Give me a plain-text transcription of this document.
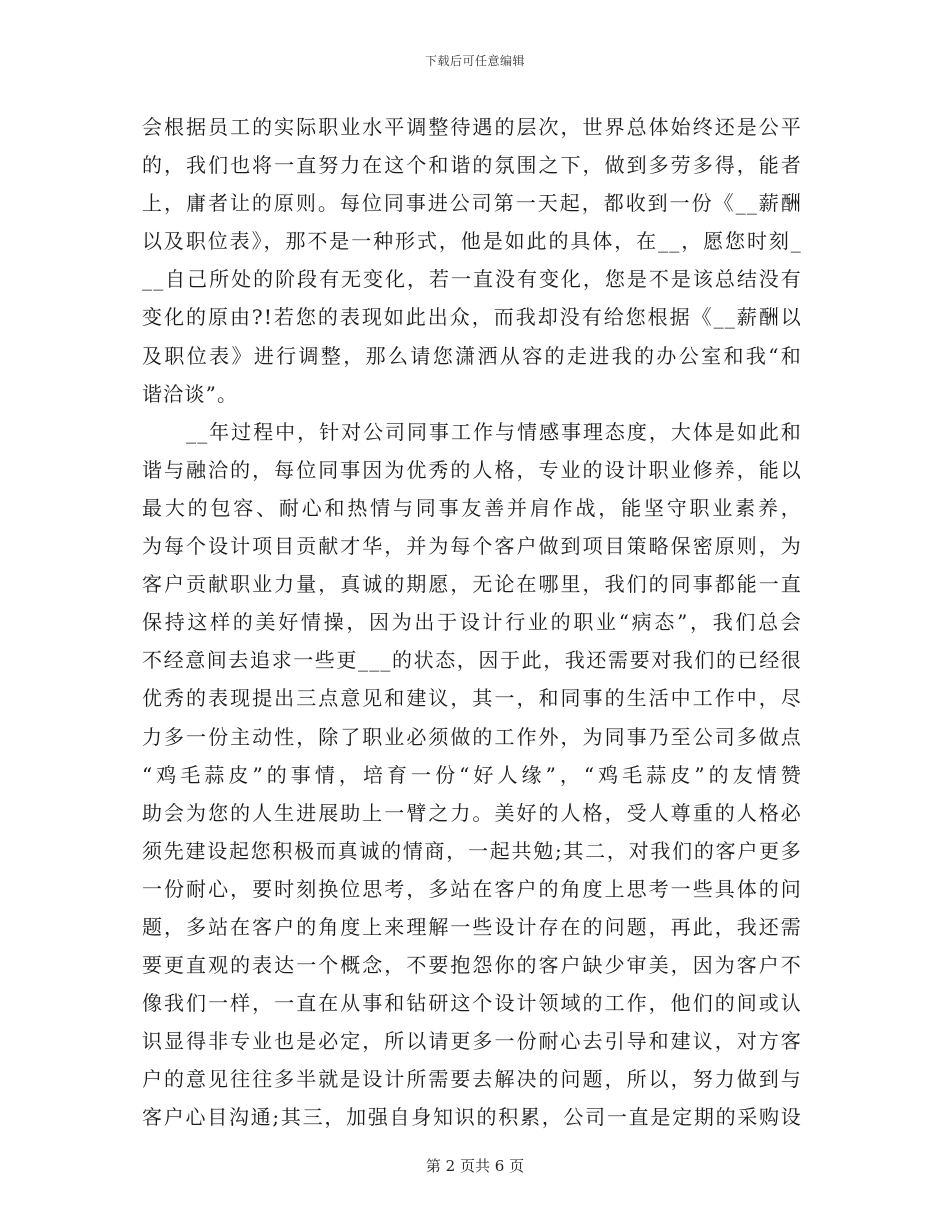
下载后可任意编辑
会根据员工的实际职业水平调整待遇的层次，世界总体始终还是公平
的，我们也将一直努力在这个和谐的氛围之下，做到多劳多得，能者
上，庸者让的原则。每位同事进公司第一天起，都收到一份《__薪酬
以及职位表》，那不是一种形式，他是如此的具体，在__，愿您时刻_
__自己所处的阶段有无变化，若一直没有变化，您是不是该总结没有
变化的原由?!若您的表现如此出众，而我却没有给您根据《__薪酬以
及职位表》进行调整，那么请您潇洒从容的走进我的办公室和我“和
谐洽谈”。
__年过程中，针对公司同事工作与情感事理态度，大体是如此和
谐与融洽的，每位同事因为优秀的人格，专业的设计职业修养，能以
最大的包容、耐心和热情与同事友善并肩作战，能坚守职业素养，
为每个设计项目贡献才华，并为每个客户做到项目策略保密原则，为
客户贡献职业力量，真诚的期愿，无论在哪里，我们的同事都能一直
保持这样的美好情操，因为出于设计行业的职业“病态”，我们总会
不经意间去追求一些更___的状态，因于此，我还需要对我们的已经很
优秀的表现提出三点意见和建议，其一，和同事的生活中工作中，尽
力多一份主动性，除了职业必须做的工作外，为同事乃至公司多做点
“鸡毛蒜皮”的事情，培育一份“好人缘”，“鸡毛蒜皮”的友情赞
助会为您的人生进展助上一臂之力。美好的人格，受人尊重的人格必
须先建设起您积极而真诚的情商，一起共勉;其二，对我们的客户更多
一份耐心，要时刻换位思考，多站在客户的角度上思考一些具体的问
题，多站在客户的角度上来理解一些设计存在的问题，再此，我还需
要更直观的表达一个概念，不要抱怨你的客户缺少审美，因为客户不
像我们一样，一直在从事和钻研这个设计领域的工作，他们的间或认
识显得非专业也是必定，所以请更多一份耐心去引导和建议，对方客
户的意见往往多半就是设计所需要去解决的问题，所以，努力做到与
客户心目沟通;其三，加强自身知识的积累，公司一直是定期的采购设
第 2 页共 6 页
